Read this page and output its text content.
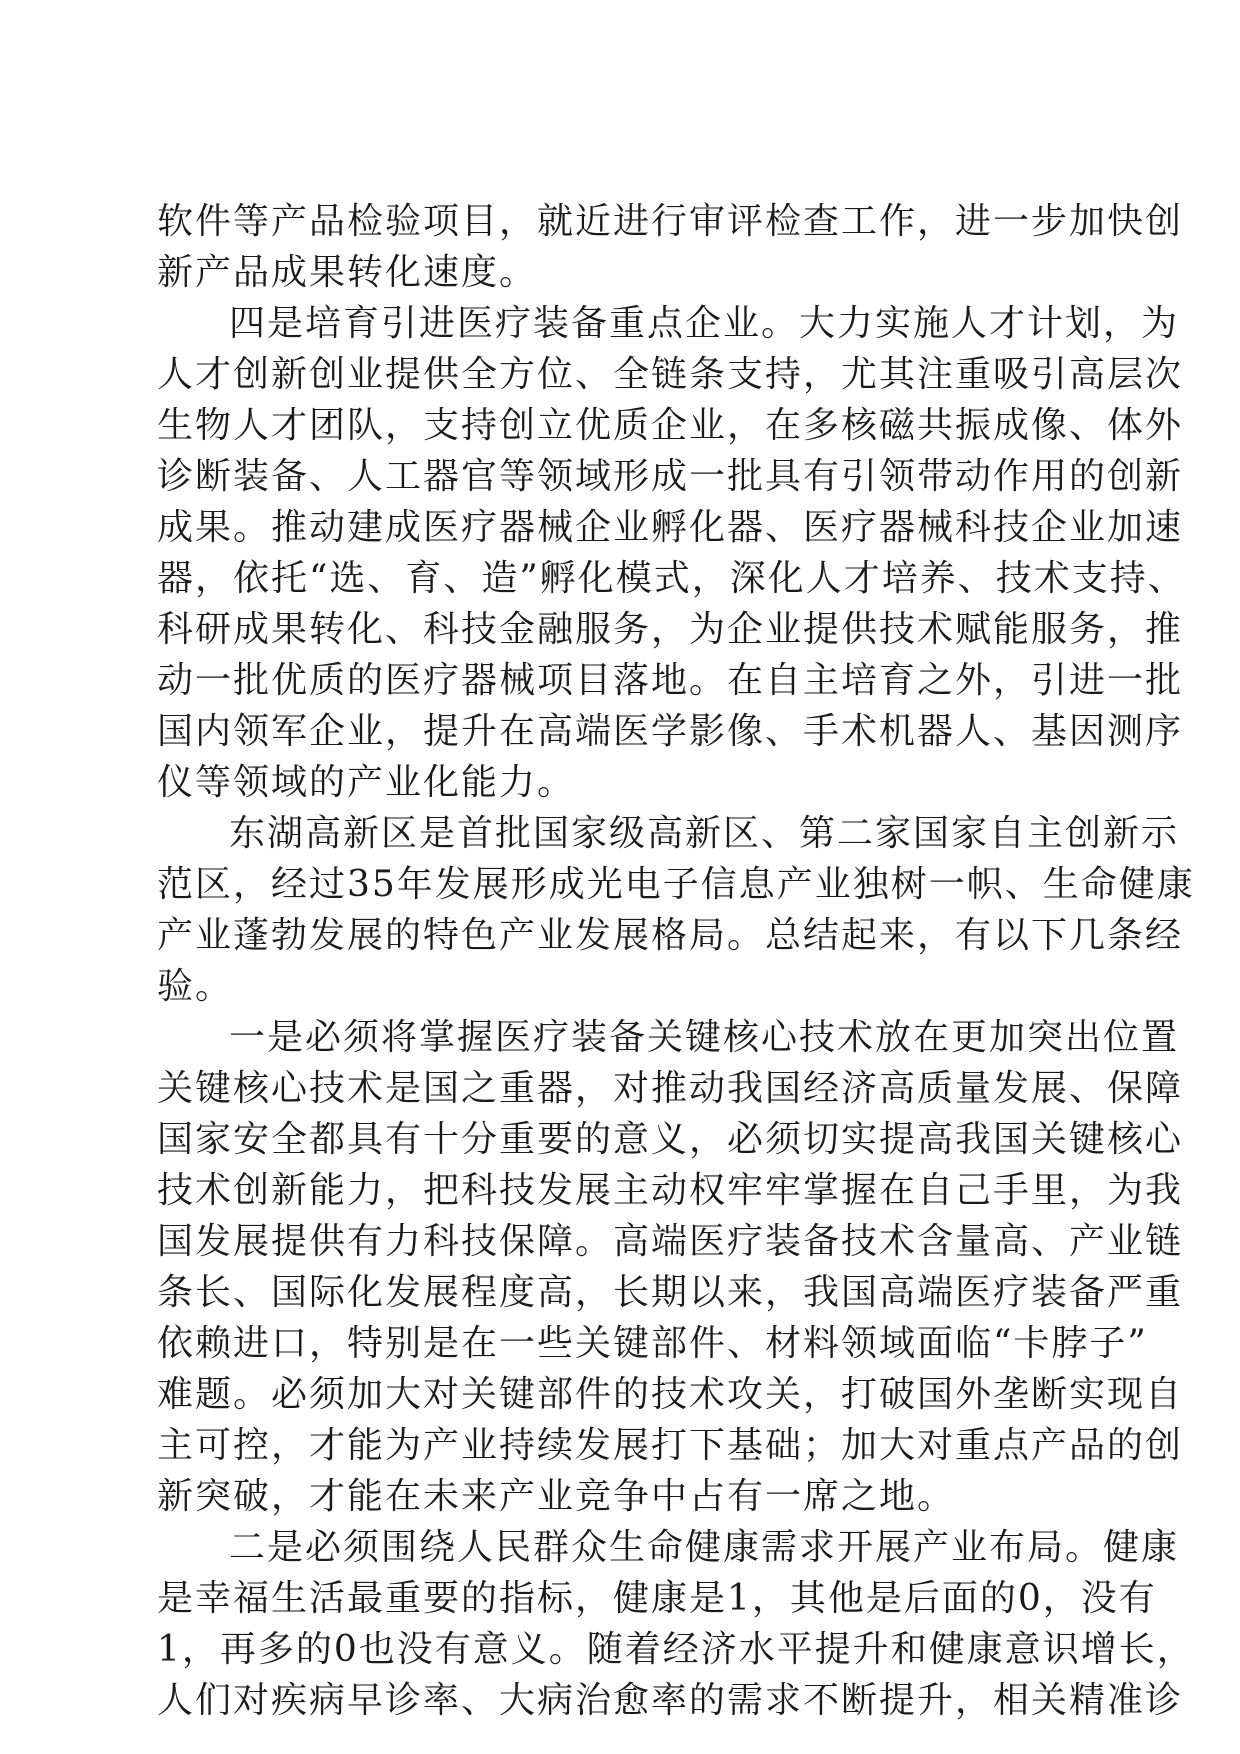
软件等产品检验项目，就近进行审评检查工作，进一步加快创
新产品成果转化速度。
四是培育引进医疗装备重点企业。大力实施人才计划，为
人才创新创业提供全方位、全链条支持，尤其注重吸引高层次
生物人才团队，支持创立优质企业，在多核磁共振成像、体外
诊断装备、人工器官等领域形成一批具有引领带动作用的创新
成果。推动建成医疗器械企业孵化器、医疗器械科技企业加速
器，依托“选、育、造”孵化模式，深化人才培养、技术支持、
科研成果转化、科技金融服务，为企业提供技术赋能服务，推
动一批优质的医疗器械项目落地。在自主培育之外，引进一批
国内领军企业，提升在高端医学影像、手术机器人、基因测序
仪等领域的产业化能力。
东湖高新区是首批国家级高新区、第二家国家自主创新示
范区，经过35年发展形成光电子信息产业独树一帜、生命健康
产业蓬勃发展的特色产业发展格局。总结起来，有以下几条经
验。
一是必须将掌握医疗装备关键核心技术放在更加突出位置
关键核心技术是国之重器，对推动我国经济高质量发展、保障
国家安全都具有十分重要的意义，必须切实提高我国关键核心
技术创新能力，把科技发展主动权牢牢掌握在自己手里，为我
国发展提供有力科技保障。高端医疗装备技术含量高、产业链
条长、国际化发展程度高，长期以来，我国高端医疗装备严重
依赖进口，特别是在一些关键部件、材料领域面临“卡脖子”
难题。必须加大对关键部件的技术攻关，打破国外垄断实现自
主可控，才能为产业持续发展打下基础；加大对重点产品的创
新突破，才能在未来产业竞争中占有一席之地。
二是必须围绕人民群众生命健康需求开展产业布局。健康
是幸福生活最重要的指标，健康是1，其他是后面的0，没有
1，再多的0也没有意义。随着经济水平提升和健康意识增长，
人们对疾病早诊率、大病治愈率的需求不断提升，相关精准诊
